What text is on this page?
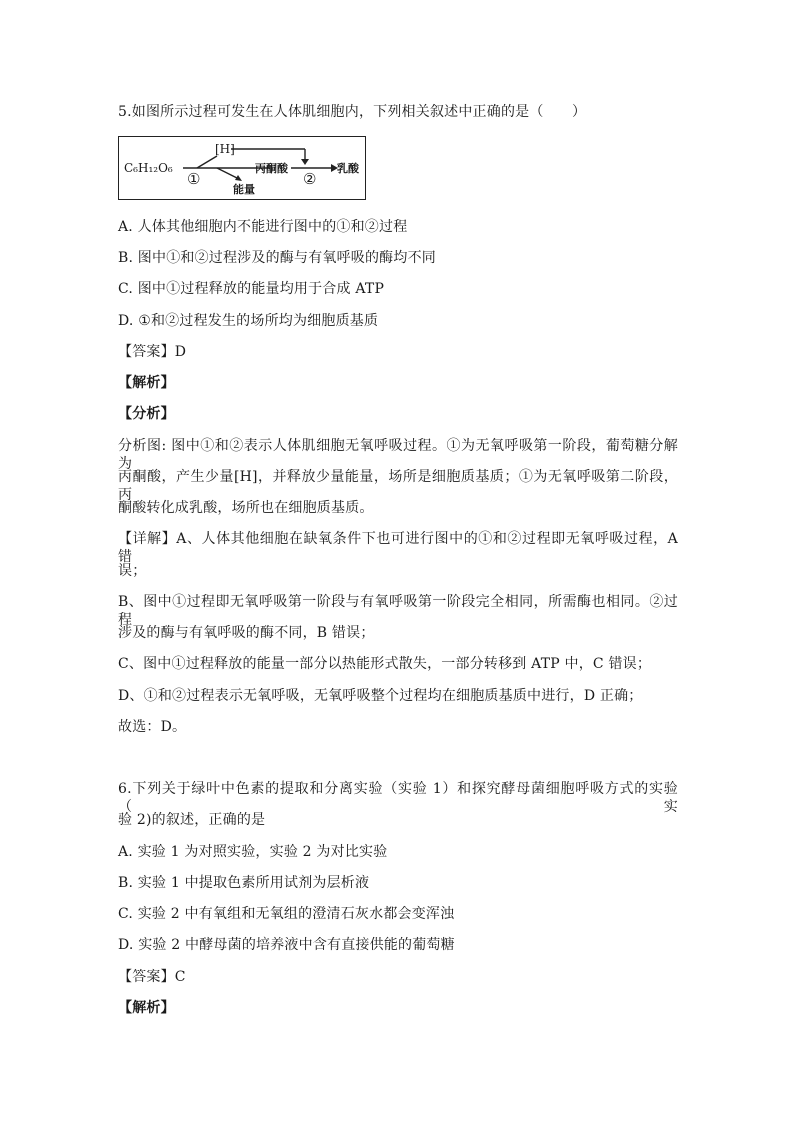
5.如图所示过程可发生在人体肌细胞内，下列相关叙述中正确的是（　　）
C₆H₁₂O₆
[H]
①
能量
丙酮酸
②
乳酸
A. 人体其他细胞内不能进行图中的①和②过程
B. 图中①和②过程涉及的酶与有氧呼吸的酶均不同
C. 图中①过程释放的能量均用于合成 ATP
D. ①和②过程发生的场所均为细胞质基质
【答案】D
【解析】
【分析】
分析图: 图中①和②表示人体肌细胞无氧呼吸过程。①为无氧呼吸第一阶段，葡萄糖分解为
丙酮酸，产生少量[H]，并释放少量能量，场所是细胞质基质；①为无氧呼吸第二阶段，丙
酮酸转化成乳酸，场所也在细胞质基质。
【详解】A、人体其他细胞在缺氧条件下也可进行图中的①和②过程即无氧呼吸过程，A 错
误；
B、图中①过程即无氧呼吸第一阶段与有氧呼吸第一阶段完全相同，所需酶也相同。②过程
涉及的酶与有氧呼吸的酶不同，B 错误；
C、图中①过程释放的能量一部分以热能形式散失，一部分转移到 ATP 中，C 错误；
D、①和②过程表示无氧呼吸，无氧呼吸整个过程均在细胞质基质中进行，D 正确；
故选：D。
6.下列关于绿叶中色素的提取和分离实验（实验 1）和探究酵母菌细胞呼吸方式的实验（实
验 2)的叙述，正确的是
A. 实验 1 为对照实验，实验 2 为对比实验
B. 实验 1 中提取色素所用试剂为层析液
C. 实验 2 中有氧组和无氧组的澄清石灰水都会变浑浊
D. 实验 2 中酵母菌的培养液中含有直接供能的葡萄糖
【答案】C
【解析】
